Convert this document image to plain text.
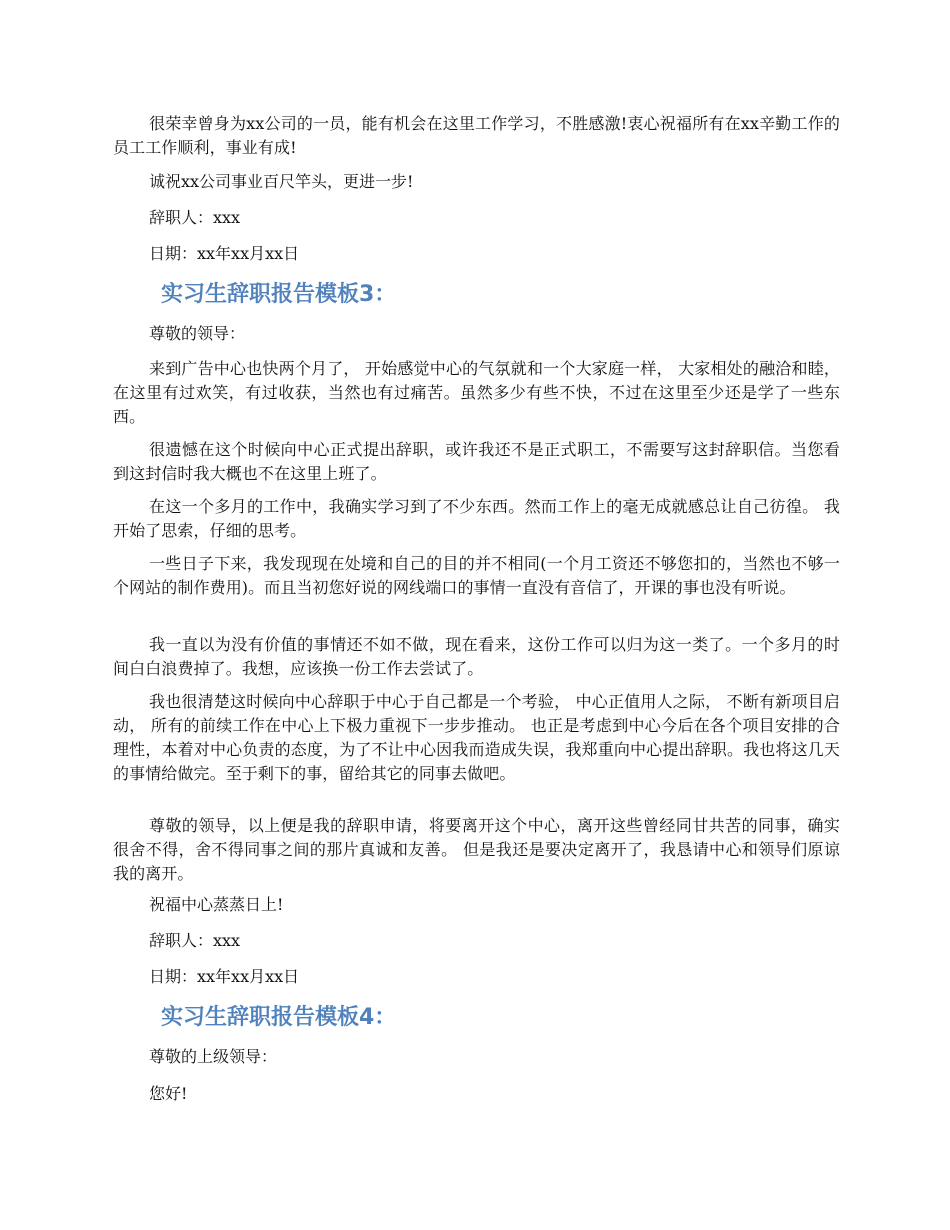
很荣幸曾身为xx公司的一员，能有机会在这里工作学习，不胜感激!衷心祝福所有在xx辛勤工作的员工工作顺利，事业有成!

诚祝xx公司事业百尺竿头，更进一步!

辞职人：xxx

日期：xx年xx月xx日

实习生辞职报告模板3：

尊敬的领导：

来到广告中心也快两个月了， 开始感觉中心的气氛就和一个大家庭一样， 大家相处的融洽和睦， 在这里有过欢笑，有过收获，当然也有过痛苦。虽然多少有些不快，不过在这里至少还是学了一些东西。

很遗憾在这个时候向中心正式提出辞职，或许我还不是正式职工，不需要写这封辞职信。当您看到这封信时我大概也不在这里上班了。

在这一个多月的工作中，我确实学习到了不少东西。然而工作上的毫无成就感总让自己彷徨。 我开始了思索，仔细的思考。

一些日子下来，我发现现在处境和自己的目的并不相同(一个月工资还不够您扣的，当然也不够一个网站的制作费用)。而且当初您好说的网线端口的事情一直没有音信了，开课的事也没有听说。

我一直以为没有价值的事情还不如不做，现在看来，这份工作可以归为这一类了。一个多月的时间白白浪费掉了。我想，应该换一份工作去尝试了。

我也很清楚这时候向中心辞职于中心于自己都是一个考验， 中心正值用人之际， 不断有新项目启动， 所有的前续工作在中心上下极力重视下一步步推动。 也正是考虑到中心今后在各个项目安排的合理性，本着对中心负责的态度，为了不让中心因我而造成失误，我郑重向中心提出辞职。我也将这几天的事情给做完。至于剩下的事，留给其它的同事去做吧。

尊敬的领导，以上便是我的辞职申请，将要离开这个中心，离开这些曾经同甘共苦的同事，确实很舍不得，舍不得同事之间的那片真诚和友善。 但是我还是要决定离开了，我恳请中心和领导们原谅我的离开。

祝福中心蒸蒸日上!

辞职人：xxx

日期：xx年xx月xx日

实习生辞职报告模板4：

尊敬的上级领导：

您好!
